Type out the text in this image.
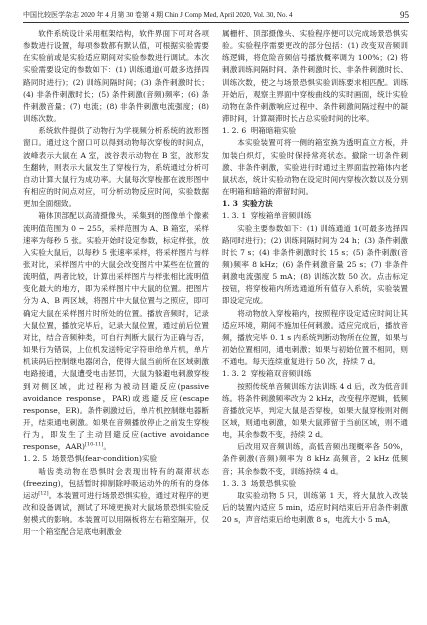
中国比较医学杂志 2020 年 4 月第 30 卷第 4 期 Chin J Comp Med, April 2020, Vol. 30, No. 4	95

软件系统设计采用框架结构，软件界面下可对各项参数进行设置，每项参数都有默认值，可根据实验需要在实验前或是实验适应期间对实验参数进行调试。本次实验需要设定的参数如下：(1) 训练通道(可最多选择四路同时进行)；(2) 训练间隔时间；(3) 条件刺激时长；(4) 非条件刺激时长；(5) 条件刺激(音频)频率；(6) 条件刺激音量；(7) 电流；(8) 非条件刺激电流强度；(8) 训练次数。

系统软件提供了动物行为学视频分析系统的波形图窗口。通过这个窗口可以得到动物每次穿梭的时间点，波峰表示大鼠在 A 室，波谷表示动物在 B 室，波形发生翻转，则表示大鼠发生了穿梭行为，系统通过分析可自动计算大鼠行为成功率。大鼠每次穿梭都在波形图中有相应的时间点对应，可分析动物反应时间，实验数据更加全面细致。

箱体顶部配以高清摄像头，采集到的图像单个像素流明值范围为 0 ~ 255，采样范围为 A、B 箱室，采样速率为每秒 5 张。实验开始时设定参数，标定样张，放入实验大鼠后，以每秒 5 张速率采样，将采样图片与样张对比，采样图片中的大鼠会改变图片中某些在位置的流明值，两者比较，计算出采样图片与样张相比流明值变化最大的地方，即为采样图片中大鼠的位置。把图片分为 A、B 两区域，将图片中大鼠位置与之照应，即可确定大鼠在采样图片时所处的位置。播放音频时，记录大鼠位置，播放完毕后，记录大鼠位置，通过前后位置对比，结合音频种类，可自行判断大鼠行为正确与否，如果行为错误，上位机发送特定字符串给单片机，单片机读码后控制继电器闭合，使得大鼠当前所在区域刺激电路接通，大鼠遭受电击惩罚，大鼠为躲避电刺激穿梭到对侧区域，此过程称为被动回避反应(passive avoidance response，PAR)或逃避反应(escape response，ER)。条件刺激过后，单片机控制继电器断开，结束通电刺激。如果在音频播放停止之前发生穿梭行为，即发生了主动回避反应(active avoidance response，AAR)[10-11]。

1. 2. 5 场景恐惧(fear-condition)实验

啮齿类动物在恐惧时会表现出特有的凝滞状态(freezing)，包括暂时抑制除呼吸运动外的所有的身体运动[12]。本装置可进行场景恐惧实验，通过对程序的更改和设备调试，测试了环境更换对大鼠场景恐惧实验反射模式的影响。本装置可以用隔板将左右箱室隔开，仅用一个箱室配合足底电刺激金

属栅杆、顶部摄像头、实验程序便可以完成场景恐惧实验。实验程序需要更改的部分包括：(1) 改变双音频训练逻辑，将危险音频信号播放概率调为 100%；(2) 将刺激训练间隔时间、条件刺激时长、非条件刺激时长、训练次数，使之与场景恐惧实验训练要求相匹配。训练开始后，观察主界面中穿梭曲线的实时画面，统计实验动物在条件刺激响应过程中、条件刺激间隔过程中的凝滞时间，计算凝滞时长占总实验时间的比率。

1. 2. 6 明箱暗箱实验

本实验装置可将一侧的箱室换为透明直立方板，并加装白炽灯，实验时保持常亮状态。撤除一切条件刺激、非条件刺激，实验进行时通过主界面监控箱体内老鼠状态，统计实验动物在设定时间内穿梭次数以及分别在明箱和暗箱的滞留时间。

1. 3 实验方法

1. 3. 1 穿梭箱单音频训练

实验主要参数如下：(1) 训练通道 1(可最多选择四路同时进行)；(2) 训练间隔时间为 24 h；(3) 条件刺激时长 7 s；(4) 非条件刺激时长 15 s；(5) 条件刺激(音频)频率 8 kHz；(6) 条件刺激音量 25 s；(7) 非条件刺激电流强度 5 mA；(8) 训练次数 50 次。点击标定按钮，将穿梭箱内所选通道所有值存入系统，实验装置即设定完成。

将动物放入穿梭箱内，按照程序设定适应时间让其适应环境，期间不施加任何刺激。适应完成后，播放音频，播放完毕 0. 1 s 内系统判断动物所在位置，如果与初始位置相同，通电刺激；如果与初始位置不相同，则不通电。每天连续重复进行 50 次，持续 7 d。

1. 3. 2 穿梭箱双音频训练

按照传统单音频训练方法训练 4 d 后，改为低音训练。将条件刺激频率改为 2 kHz，改变程序逻辑，低频音播放完毕，判定大鼠是否穿梭，如果大鼠穿梭则对侧区域，则通电刺激，如果大鼠滞留于当前区域，则不通电，其余参数不变，持续 2 d。

后改用双音频训练，高低音频出现概率各 50%，条件刺激(音频)频率为 8 kHz 高频音，2 kHz 低频音；其余参数不变，训练持续 4 d。

1. 3. 3 场景恐惧实验

取实验动物 5 只，训练第 1 天，将大鼠放入改装后的装置内适应 5 min，适应时间结束后开启条件刺激 20 s，声音结束后给电刺激 8 s，电流大小 5 mA，
